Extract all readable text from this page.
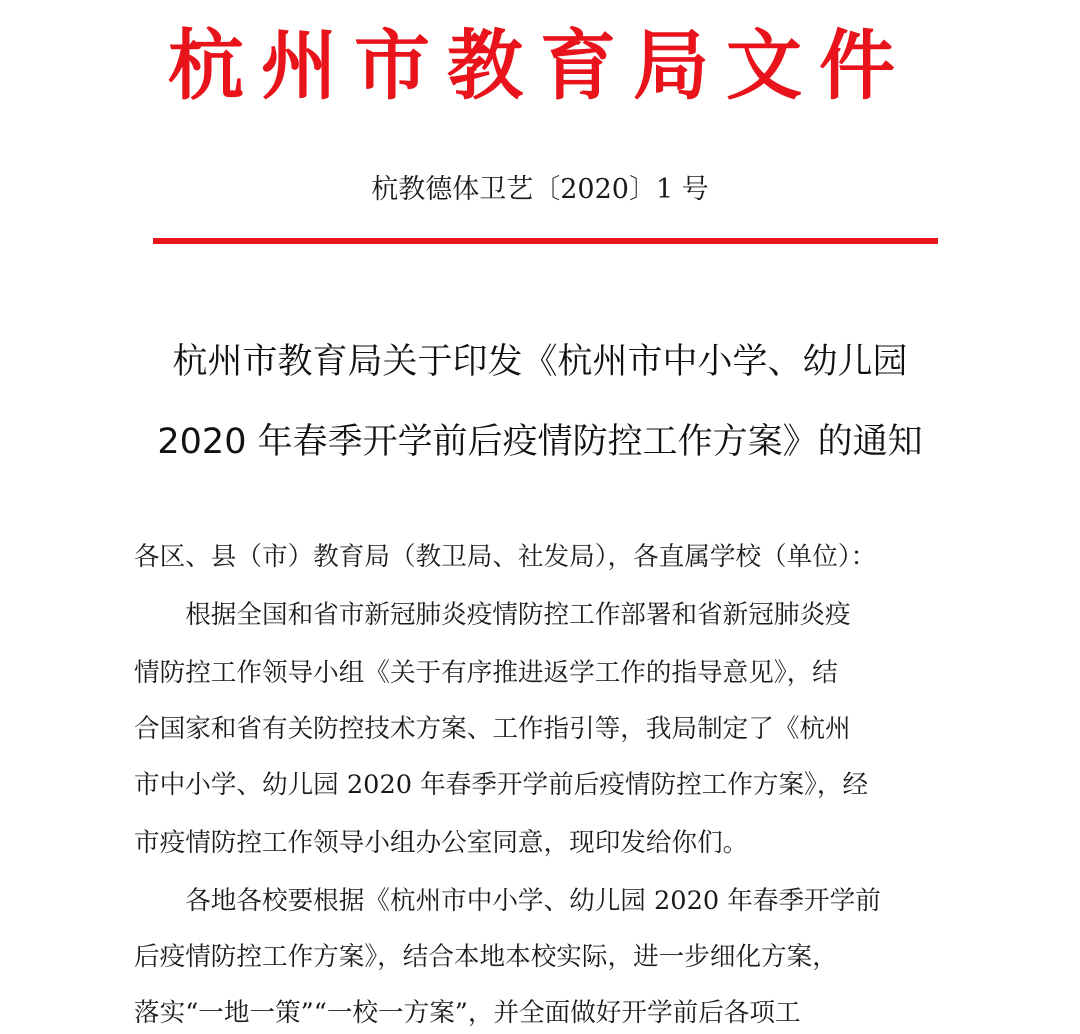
杭州市教育局文件
杭教德体卫艺〔2020〕1 号
杭州市教育局关于印发《杭州市中小学、幼儿园
2020 年春季开学前后疫情防控工作方案》的通知
各区、县（市）教育局（教卫局、社发局），各直属学校（单位）：
　　根据全国和省市新冠肺炎疫情防控工作部署和省新冠肺炎疫
情防控工作领导小组《关于有序推进返学工作的指导意见》，结
合国家和省有关防控技术方案、工作指引等，我局制定了《杭州
市中小学、幼儿园 2020 年春季开学前后疫情防控工作方案》，经
市疫情防控工作领导小组办公室同意，现印发给你们。
　　各地各校要根据《杭州市中小学、幼儿园 2020 年春季开学前
后疫情防控工作方案》，结合本地本校实际，进一步细化方案，
落实“一地一策”“一校一方案”，并全面做好开学前后各项工
